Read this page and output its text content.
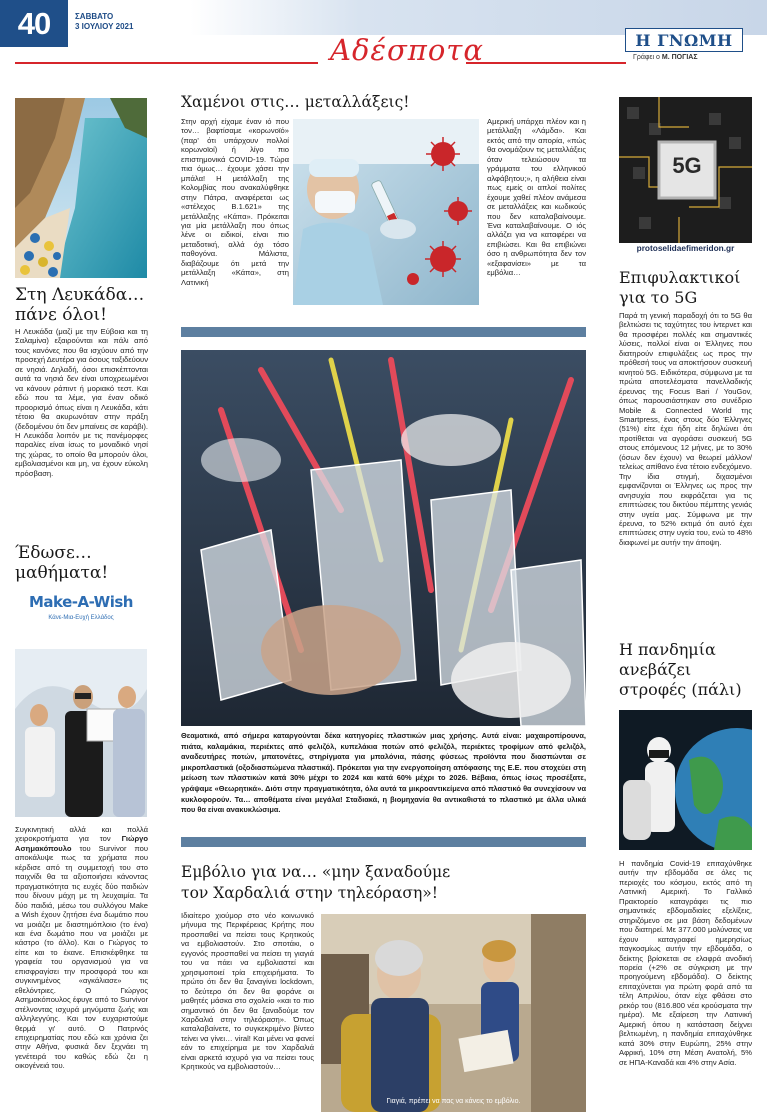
40	ΣΑΒΒΑΤΟ
3 ΙΟΥΛΙΟΥ 2021
Αδέσποτα	Η ΓΝΩΜΗ
Γράφει ο Μ. ΠΟΓΙΑΣ
Στη Λευκάδα…
πάνε όλοι!
Η Λευκάδα (μαζί με την Εύβοια και τη Σαλαμίνα) εξαιρούνται και πάλι από τους κανόνες που θα ισχύουν από την προσεχή Δευτέρα για όσους ταξιδεύουν σε νησιά. Δηλαδή, όσοι επισκέπτονται αυτά τα νησιά δεν είναι υποχρεωμένοι να κάνουν ράπιντ ή μοριακό τεστ. Και εδώ που τα λέμε, για έναν οδικό προορισμό όπως είναι η Λευκάδα, κάτι τέτοιο θα ακυρωνόταν στην πράξη (δεδομένου ότι δεν μπαίνεις σε καράβι). Η Λευκάδα λοιπόν με τις πανέμορφες παραλίες είναι ίσως το μοναδικό νησί της χώρας, το οποίο θα μπορούν όλοι, εμβολιασμένοι και μη, να έχουν εύκολη πρόσβαση.
Έδωσε…
μαθήματα!
Make-A-Wish
Κάνε-Μια-Ευχή Ελλάδος
Συγκινητική αλλά και πολλά χειροκροτήματα για τον Γιώργο Ασημακόπουλο του Survivor που αποκάλυψε πως τα χρήματα που κέρδισε από τη συμμετοχή του στο παιχνίδι θα τα αξιοποιήσει κάνοντας πραγματικότητα τις ευχές δύο παιδιών που δίνουν μάχη με τη λευχαιμία. Τα δύο παιδιά, μέσω του συλλόγου Make a Wish έχουν ζητήσει ένα δωμάτιο που να μοιάζει με διαστημόπλοιο (το ένα) και ένα δωμάτιο που να μοιάζει με κάστρο (το άλλο). Και ο Γιώργος το είπε και το έκανε. Επισκέφθηκε τα γραφεία του οργανισμού για να επισφραγίσει την προσφορά του και συγκινημένος «αγκάλιασε» τις εθελόντριες. Ο Γιώργος Ασημακόπουλος έφυγε από το Survivor στέλνοντας ισχυρά μηνύματα ζωής και αλληλεγγύης. Και τον ευχαριστούμε θερμά γι' αυτό. Ο Πατρινός επιχειρηματίας που εδώ και χρόνια ζει στην Αθήνα, φυσικά δεν ξεχνάει τη γενέτειρά του καθώς εδώ ζει η οικογένειά του.
Χαμένοι στις… μεταλλάξεις!
Στην αρχή είχαμε έναν ιό που τον… βαφτίσαμε «κορωνοϊό» (παρ' ότι υπάρχουν πολλοί κορωνοϊοί) ή λίγο πιο επιστημονικά COVID-19. Τώρα πια όμως… έχουμε χάσει την μπάλα! Η μετάλλαξη της Κολομβίας που ανακαλύφθηκε στην Πάτρα, αναφέρεται ως «στέλεχος Β.1.621» της μετάλλαξης «Κάπα». Πρόκειται για μία μετάλλαξη που όπως λένε οι ειδικοί, είναι πιο μεταδοτική, αλλά όχι τόσο παθογόνα. Μάλιστα, διαβάζουμε ότι μετά την μετάλλαξη «Κάπα», στη Λατινική
Αμερική υπάρχει πλέον και η μετάλλαξη «Λάμδα». Και εκτός από την απορία, «πώς θα ονομάζουν τις μεταλλάξεις όταν τελειώσουν τα γράμματα του ελληνικού αλφάβητου;», η αλήθεια είναι πως εμείς οι απλοί πολίτες έχουμε χαθεί πλέον ανάμεσα σε μεταλλάξεις και κωδικούς που δεν καταλαβαίνουμε. Ένα καταλαβαίνουμε. Ο ιός αλλάζει για να καταφέρει να επιβιώσει. Και θα επιβιώνει όσο η ανθρωπότητα δεν τον «εξαφανίσει» με τα εμβόλια…
Θεαματικά, από σήμερα καταργούνται δέκα κατηγορίες πλαστικών μιας χρήσης. Αυτά είναι: μαχαιροπίρουνα, πιάτα, καλαμάκια, περιέκτες από φελιζόλ, κυπελάκια ποτών από φελιζόλ, περιέκτες τροφίμων από φελιζόλ, αναδευτήρες ποτών, μπατονέτες, στηρίγματα για μπαλόνια, πάσης φύσεως προϊόντα που διασπώνται σε μικροπλαστικά (οξοδιασπώμενα πλαστικά). Πρόκειται για την ενεργοποίηση απόφασης της Ε.Ε. που στοχεύει στη μείωση των πλαστικών κατά 30% μέχρι το 2024 και κατά 60% μέχρι το 2026. Βέβαια, όπως ίσως προσέξατε, γράψαμε «Θεωρητικά». Διότι στην πραγματικότητα, όλα αυτά τα μικροαντικείμενα από πλαστικό θα συνεχίσουν να κυκλοφορούν. Τα… αποθέματα είναι μεγάλα! Σταδιακά, η βιομηχανία θα αντικαθιστά το πλαστικό με άλλα υλικά που θα είναι ανακυκλώσιμα.
Εμβόλιο για να… «μην ξαναδούμε
τον Χαρδαλιά στην τηλεόραση»!
Ιδιαίτερο χιούμορ στο νέο κοινωνικό μήνυμα της Περιφέρειας Κρήτης που προσπαθεί να πείσει τους Κρητικούς να εμβολιαστούν. Στο σποτάκι, ο εγγονός προσπαθεί να πείσει τη γιαγιά του να πάει να εμβολιαστεί και χρησιμοποιεί τρία επιχειρήματα. Το πρώτο ότι δεν θα ξαναγίνει lockdown, το δεύτερο ότι δεν θα φοράνε οι μαθητές μάσκα στο σχολείο «και το πιο σημαντικό ότι δεν θα ξαναδούμε τον Χαρδαλιά στην τηλεόραση». Όπως καταλαβαίνετε, το συγκεκριμένο βίντεο τείνει να γίνει… viral! Και μένει να φανεί εάν το επιχείρημα με τον Χαρδαλιά είναι αρκετά ισχυρό για να πείσει τους Κρητικούς να εμβολιαστούν…
Γιαγιά, πρέπει να πας να κάνεις το εμβόλιο.
5G
protoselidaefimeridon.gr
Επιφυλακτικοί
για το 5G
Παρά τη γενική παραδοχή ότι το 5G θα βελτιώσει τις ταχύτητες του ίντερνετ και θα προσφέρει πολλές και σημαντικές λύσεις, πολλοί είναι οι Έλληνες που διατηρούν επιφυλάξεις ως προς την πρόθεσή τους να αποκτήσουν συσκευή κινητού 5G. Ειδικότερα, σύμφωνα με τα πρώτα αποτελέσματα πανελλαδικής έρευνας της Focus Bari / YouGov, όπως παρουσιάστηκαν στο συνέδριο Mobile & Connected World της Smartpress, ένας στους δύο Έλληνες (51%) είτε έχει ήδη είτε δηλώνει ότι προτίθεται να αγοράσει συσκευή 5G στους επόμενους 12 μήνες, με το 30% (όσων δεν έχουν) να θεωρεί μάλλον/τελείως απίθανο ένα τέτοιο ενδεχόμενο. Την ίδια στιγμή, διχασμένοι εμφανίζονται οι Έλληνες ως προς την ανησυχία που εκφράζεται για τις επιπτώσεις του δικτύου πέμπτης γενιάς στην υγεία μας. Σύμφωνα με την έρευνα, το 52% εκτιμά ότι αυτό έχει επιπτώσεις στην υγεία του, ενώ το 48% διαφωνεί με αυτήν την άποψη.
Η πανδημία
ανεβάζει
στροφές (πάλι)
Η πανδημία Covid-19 επιταχύνθηκε αυτήν την εβδομάδα σε όλες τις περιοχές του κόσμου, εκτός από τη Λατινική Αμερική. Το Γαλλικό Πρακτορείο καταγράφει τις πιο σημαντικές εβδομαδιαίες εξελίξεις, στηριζόμενο σε μια βάση δεδομένων που διατηρεί. Με 377.000 μολύνσεις να έχουν καταγραφεί ημερησίως παγκοσμίως αυτήν την εβδομάδα, ο δείκτης βρίσκεται σε ελαφρά ανοδική πορεία (+2% σε σύγκριση με την προηγούμενη εβδομάδα). Ο δείκτης επιταχύνεται για πρώτη φορά από τα τέλη Απριλίου, όταν είχε φθάσει στο ρεκόρ του (816.800 νέα κρούσματα την ημέρα). Με εξαίρεση την Λατινική Αμερική όπου η κατάσταση δείχνει βελτιωμένη, η πανδημία επιταχύνθηκε κατά 30% στην Ευρώπη, 25% στην Αφρική, 10% στη Μέση Ανατολή, 5% σε ΗΠΑ-Καναδά και 4% στην Ασία.
